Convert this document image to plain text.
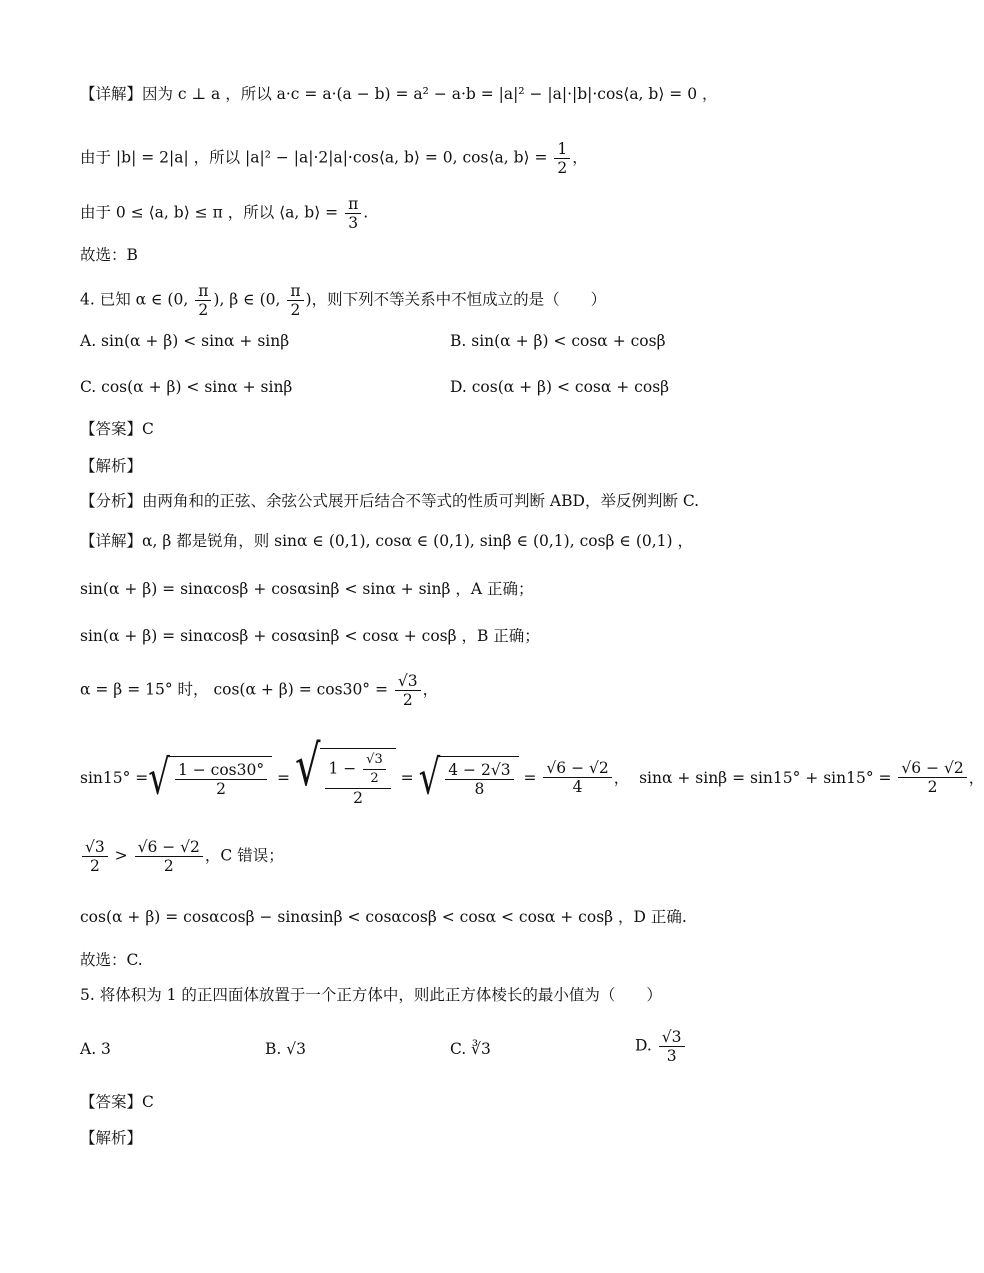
【详解】因为 c ⊥ a ，所以 a·c = a·(a − b) = a² − a·b = |a|² − |a|·|b|·cos⟨a, b⟩ = 0 ，
由于 |b| = 2|a| ，所以 |a|² − |a|·2|a|·cos⟨a, b⟩ = 0, cos⟨a, b⟩ = $\frac{1}{2}$ ，
由于 0 ≤ ⟨a, b⟩ ≤ π ，所以 ⟨a, b⟩ = $\frac{\pi}{3}$ .
故选：B
4. 已知 α ∈ (0, $\frac{\pi}{2}$ ), β ∈ (0, $\frac{\pi}{2}$ )，则下列不等关系中不恒成立的是（　　）
A. sin(α + β) < sinα + sinβ	B. sin(α + β) < cosα + cosβ
C. cos(α + β) < sinα + sinβ	D. cos(α + β) < cosα + cosβ
【答案】C
【解析】
【分析】由两角和的正弦、余弦公式展开后结合不等式的性质可判断 ABD，举反例判断 C.
【详解】α, β 都是锐角，则 sinα ∈ (0,1), cosα ∈ (0,1), sinβ ∈ (0,1), cosβ ∈ (0,1) ，
sin(α + β) = sinαcosβ + cosαsinβ < sinα + sinβ ，A 正确；
sin(α + β) = sinαcosβ + cosαsinβ < cosα + cosβ ，B 正确；
α = β = 15° 时， $\cos(\alpha + \beta) = \cos 30^\circ = \frac{√3}{2}$ ，
sin15° = √ $\frac{1 - \cos 30^\circ}{2}$ = √ $\frac{1 - \frac{√3}{2}}{2}$ = √ $\frac{4 - 2√3}{8} = \frac{√6 - √2}{4}$ ，  $\sin\alpha + \sin\beta = \sin 15^\circ + \sin 15^\circ = \frac{√6 - √2}{2}$ ，
$\frac{√3}{2} > \frac{√6 - √2}{2}$ ，C 错误；
cos(α + β) = cosαcosβ − sinαsinβ < cosαcosβ < cosα < cosα + cosβ ，D 正确.
故选：C.
5. 将体积为 1 的正四面体放置于一个正方体中，则此正方体棱长的最小值为（　　）
A. 3	B. √3	C. ∛3	D. $\frac{√3}{3}$
【答案】C
【解析】
